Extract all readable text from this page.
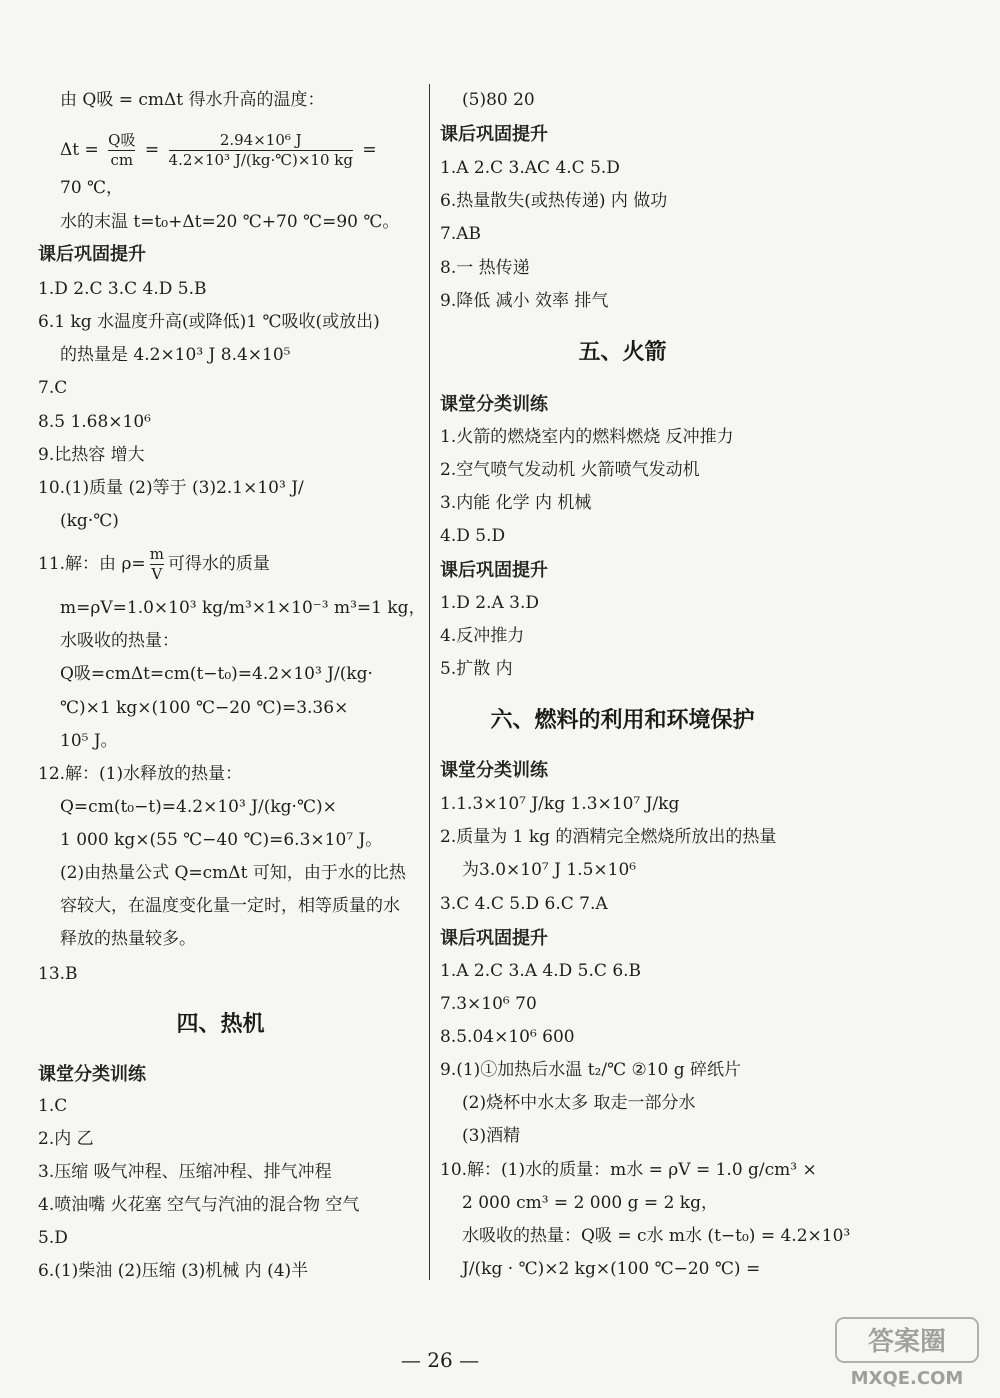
由 Q吸 = cmΔt 得水升高的温度：
$\Delta t = \frac{\text{Q吸}}{cm} = \frac{\text{2.94×10⁶ J}}{\text{4.2×10³ J/(kg·℃)×10 kg}}$ =
70 ℃，
水的末温 t=t₀+Δt=20 ℃+70 ℃=90 ℃。
课后巩固提升
1.D 2.C 3.C 4.D 5.B
6.1 kg 水温度升高(或降低)1 ℃吸收(或放出)
的热量是 4.2×10³ J 8.4×10⁵
7.C
8.5 1.68×10⁶
9.比热容 增大
10.(1)质量 (2)等于 (3)2.1×10³ J/
(kg·℃)
11.解：由 $\rho= \frac{m}{V}$ 可得水的质量
m=ρV=1.0×10³ kg/m³×1×10⁻³ m³=1 kg，
水吸收的热量：
Q吸=cmΔt=cm(t−t₀)=4.2×10³ J/(kg·
℃)×1 kg×(100 ℃−20 ℃)=3.36×
10⁵ J。
12.解：(1)水释放的热量：
Q=cm(t₀−t)=4.2×10³ J/(kg·℃)×
1 000 kg×(55 ℃−40 ℃)=6.3×10⁷ J。
(2)由热量公式 Q=cmΔt 可知，由于水的比热
容较大，在温度变化量一定时，相等质量的水
释放的热量较多。
13.B
四、热机
课堂分类训练
1.C
2.内 乙
3.压缩 吸气冲程、压缩冲程、排气冲程
4.喷油嘴 火花塞 空气与汽油的混合物 空气
5.D
6.(1)柴油 (2)压缩 (3)机械 内 (4)半
(5)80 20
课后巩固提升
1.A 2.C 3.AC 4.C 5.D
6.热量散失(或热传递) 内 做功
7.AB
8.一 热传递
9.降低 减小 效率 排气
五、火箭
课堂分类训练
1.火箭的燃烧室内的燃料燃烧 反冲推力
2.空气喷气发动机 火箭喷气发动机
3.内能 化学 内 机械
4.D 5.D
课后巩固提升
1.D 2.A 3.D
4.反冲推力
5.扩散 内
六、燃料的利用和环境保护
课堂分类训练
1.1.3×10⁷ J/kg 1.3×10⁷ J/kg
2.质量为 1 kg 的酒精完全燃烧所放出的热量
为3.0×10⁷ J 1.5×10⁶
3.C 4.C 5.D 6.C 7.A
课后巩固提升
1.A 2.C 3.A 4.D 5.C 6.B
7.3×10⁶ 70
8.5.04×10⁶ 600
9.(1)①加热后水温 t₂/℃ ②10 g 碎纸片
(2)烧杯中水太多 取走一部分水
(3)酒精
10.解：(1)水的质量：m水 = ρV = 1.0 g/cm³ ×
2 000 cm³ = 2 000 g = 2 kg，
水吸收的热量：Q吸 = c水 m水 (t−t₀) = 4.2×10³
J/(kg · ℃)×2 kg×(100 ℃−20 ℃) =
— 26 —
答案圈
MXQE.COM
